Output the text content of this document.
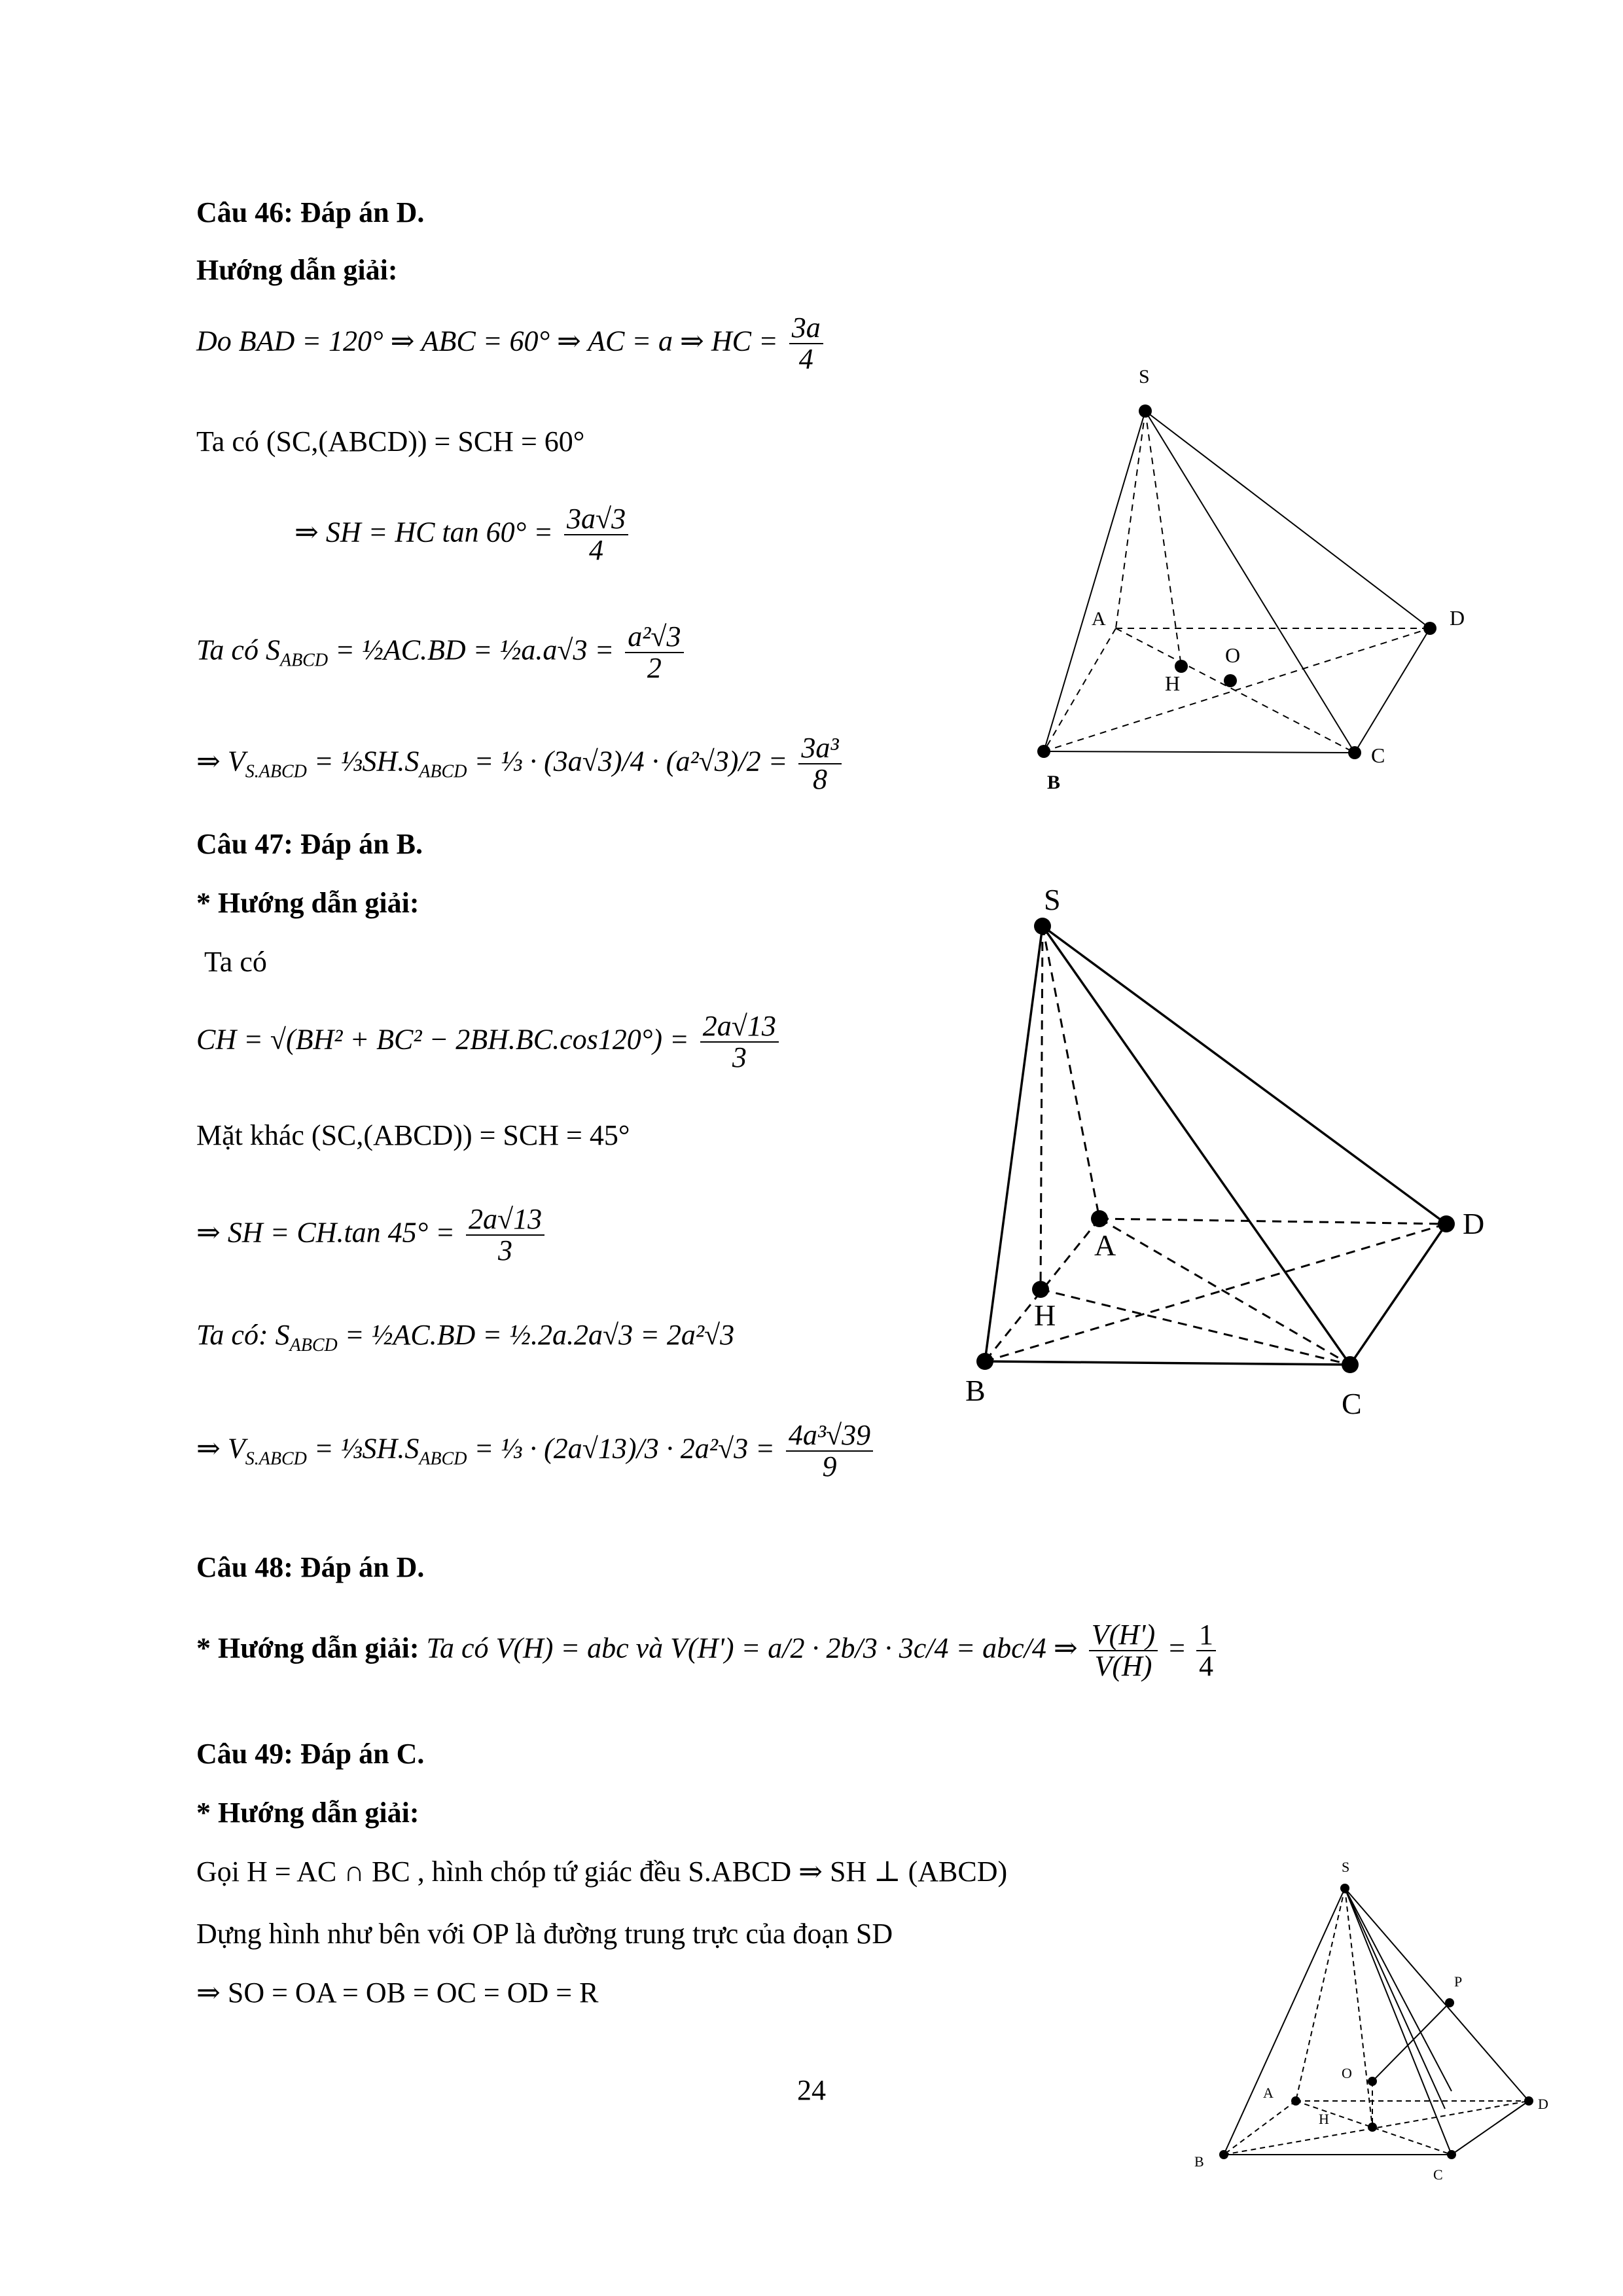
Câu 46: Đáp án D.
Hướng dẫn giải:
Do BAD = 120° ⇒ ABC = 60° ⇒ AC = a ⇒ HC = $\frac{3a}{4}$
Ta có (SC,(ABCD)) = SCH = 60°
⇒ SH = HC $\tan 60^\circ = \frac{3a√3}{4}$
Ta có $S_{ABCD}$ = ½AC.BD = ½a.a√3 = $\frac{\text{a²√3}}{2}$
⇒ $V_{S.ABCD}$ = $\frac{1}{3}SH.S_{ABCD}$ = ⅓ · $(3a√3)/4 \cdot (a^2√3)/2 = \frac{\text{3a³}}{8}$
Câu 47: Đáp án B.
* Hướng dẫn giải:
Ta có
CH = $√(BH^2 + BC^2 - 2BH.BC.\cos 120^\circ) = \frac{2a√13}{3}$
Mặt khác (SC,(ABCD)) = SCH = 45°
⇒ SH = CH.tan $45^\circ = \frac{2a√13}{3}$
Ta có: $S_{ABCD}$ = ½AC.BD = ½.2a.2a√3 = 2a²√3
⇒ $V_{S.ABCD}$ = $\frac{1}{3}SH.S_{ABCD}$ = ⅓ · $(2a√13)/3 \cdot 2a^2√3 = \frac{\text{4a³√39}}{9}$
Câu 48: Đáp án D.
* Hướng dẫn giải: Ta có V(H) = abc và V(H') = a/2 · 2b/3 · 3c/4 = abc/4 ⇒ $\frac{V(H')}{V(H)} = \frac{1}{4}$
Câu 49: Đáp án C.
* Hướng dẫn giải:
Gọi H = AC ∩ BC , hình chóp tứ giác đều S.ABCD ⇒ SH ⊥ (ABCD)
Dựng hình như bên với OP là đường trung trực của đoạn SD
⇒ SO = OA = OB = OC = OD = R
24
S
A
B
C
D
H
O
S
A
B	C
D
H
S
A
B
C
D
H
O
P
